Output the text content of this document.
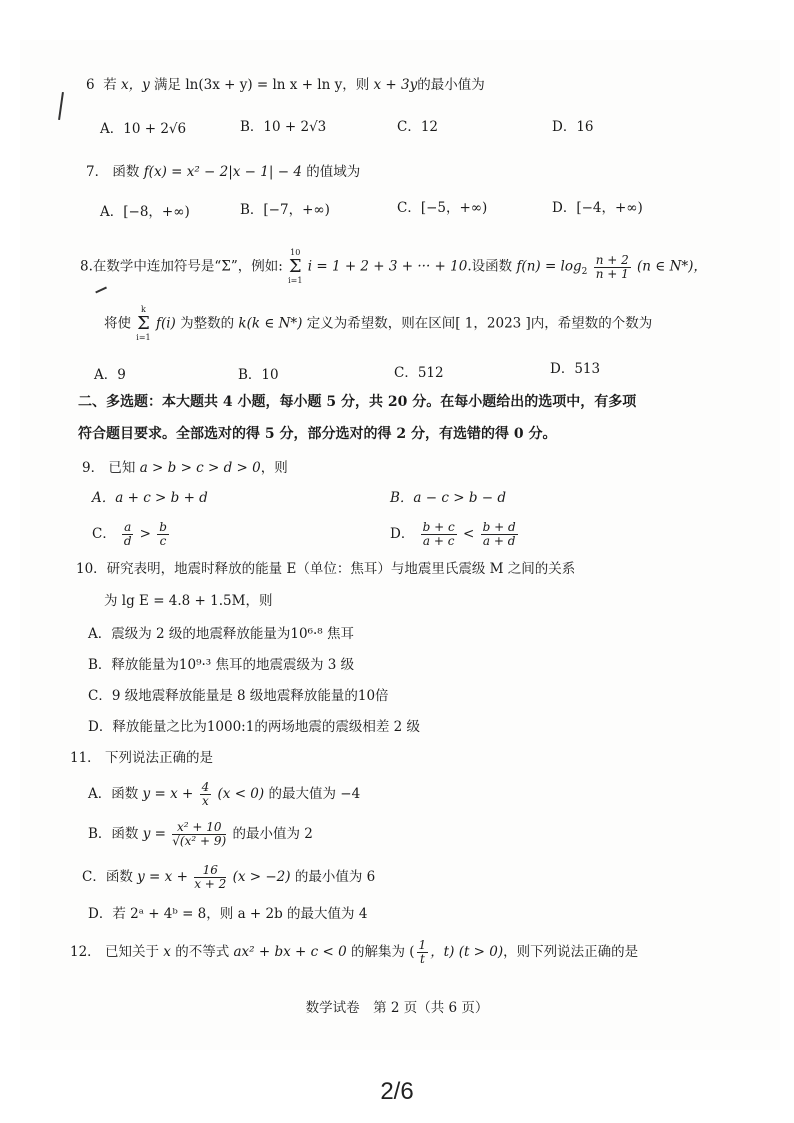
6 若 x，y 满足 ln(3x + y) = ln x + ln y，则 x + 3y的最小值为
A．10 + 2√6	B．10 + 2√3	C．12	D．16
7． 函数 f(x) = x² − 2|x − 1| − 4 的值域为
A．[−8，+∞)	B．[−7，+∞)	C．[−5，+∞)	D．[−4，+∞)
8.在数学中连加符号是“Σ”，例如:
10
Σ
i=1
i = 1 + 2 + 3 + ··· + 10.设函数 $f(n) = \log_2 \frac{n + 2}{n + 1} (n$ ∈ N*)，
将使
k
Σ
i=1
f(i) 为整数的 k(k ∈ N*) 定义为希望数，则在区间[ 1，2023 ]内，希望数的个数为
A．9	B．10	C．512	D．513
二、多选题：本大题共 4 小题，每小题 5 分，共 20 分。在每小题给出的选项中，有多项
符合题目要求。全部选对的得 5 分，部分选对的得 2 分，有选错的得 0 分。
9． 已知 a > b > c > d > 0，则
A．a + c > b + d	B．a − c > b − d
C． $\frac{a}{d} > \frac{b}{c}$	D． $\frac{b + c}{a + c} < \frac{b + d}{a + d}$
10．研究表明，地震时释放的能量 E（单位：焦耳）与地震里氏震级 M 之间的关系
为 lg E = 4.8 + 1.5M，则
A．震级为 2 级的地震释放能量为10⁶·⁸ 焦耳
B．释放能量为10⁹·³ 焦耳的地震震级为 3 级
C．9 级地震释放能量是 8 级地震释放能量的10倍
D．释放能量之比为1000:1的两场地震的震级相差 2 级
11． 下列说法正确的是
A．函数 $y = x + \frac{4}{x} (x < 0)$ 的最大值为 −4
B．函数 $y = \frac{\text{x² + 10}}{\text{√(x² + 9)}}$ 的最小值为 2
C．函数 $y = x + \frac{16}{x + 2} (x > -2)$ 的最小值为 6
D．若 2ᵃ + 4ᵇ = 8，则 a + 2b 的最大值为 4
12． 已知关于 x 的不等式 ax² + bx + c < 0 的解集为 ( $\frac{1}{t}$ ，t) (t > 0)，则下列说法正确的是
数学试卷　第 2 页（共 6 页）
2/6
